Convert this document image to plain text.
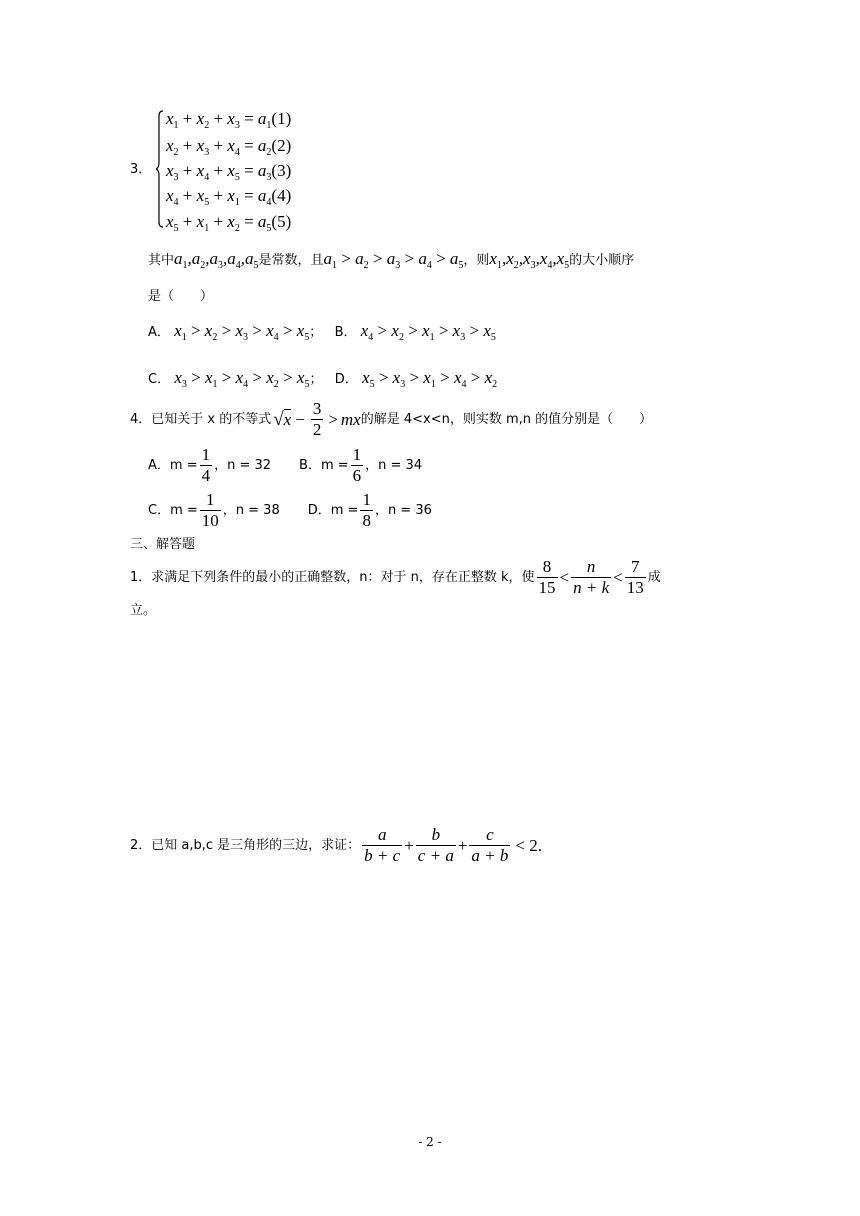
3．
$x_1 + x_2 + x_3 = a_1(1)$
$x_2 + x_3 + x_4 = a_2(2)$
$x_3 + x_4 + x_5 = a_3(3)$
$x_4 + x_5 + x_1 = a_4(4)$
$x_5 + x_1 + x_2 = a_5(5)$
其中$a_1,a_2,a_3,a_4,a_5$是常数，且$a_1 > a_2 > a_3 > a_4 > a_5$，则$x_1,x_2,x_3,x_4,x_5$的大小顺序
是（　　）
A． $x_1 > x_2 > x_3 > x_4 > x_5$； B． $x_4 > x_2 > x_1 > x_3 > x_5$
C． $x_3 > x_1 > x_4 > x_2 > x_5$； D． $x_5 > x_3 > x_1 > x_4 > x_2$
4．已知关于 x 的不等式 $√x - \frac{3}{2}$ > mx 的解是 4<x<n，则实数 m,n 的值分别是（　　）
A．$m = \frac{1}{4}$ ，n = 32 B．$m = \frac{1}{6}$ ，n = 34
C．$m = \frac{1}{10}$ ，n = 38 D．$m = \frac{1}{8}$ ，n = 36
三、解答题
1．求满足下列条件的最小的正确整数，n：对于 n，存在正整数 k，使 $\frac{8}{15} < \frac{n}{n + k} < \frac{7}{13}$ 成
立。
2．已知 a,b,c 是三角形的三边，求证： $\frac{a}{b + c} + \frac{b}{c + a} + \frac{c}{a + b} < 2$.
- 2 -
